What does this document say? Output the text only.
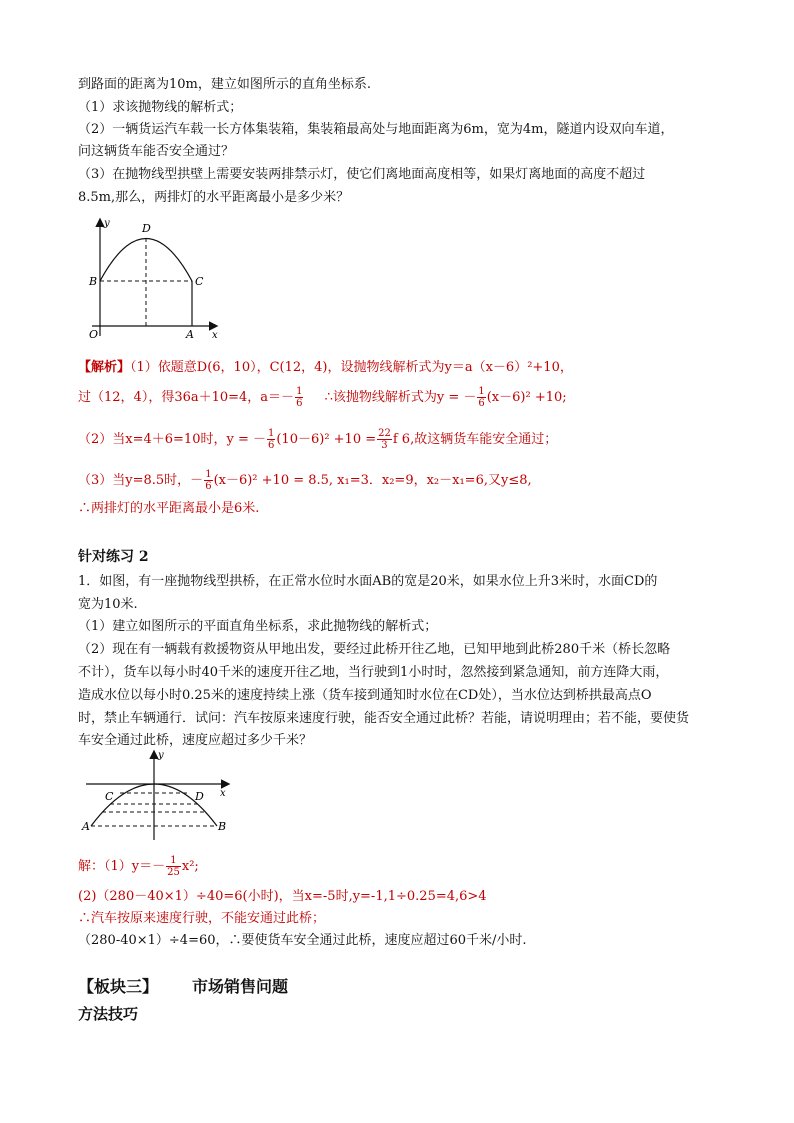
到路面的距离为10m，建立如图所示的直角坐标系.
（1）求该抛物线的解析式；
（2）一辆货运汽车载一长方体集装箱，集装箱最高处与地面距离为6m，宽为4m，隧道内设双向车道，
问这辆货车能否安全通过？
（3）在抛物线型拱壁上需要安装两排禁示灯，使它们离地面高度相等，如果灯离地面的高度不超过
8.5m,那么，两排灯的水平距离最小是多少米？
y	D
B	C
O	A x
【解析】（1）依题意D(6，10），C(12，4)，设抛物线解析式为y＝a（x－6）²+10，
过（12，4），得36a＋10=4，$a=- \frac{1}{6}$ ∴该抛物线解析式为y = － $\frac{1}{6} (x-6)^2 +10$;
（2）当x=4＋6=10时，y = － $\frac{1}{6} (10-6)^2 +10 = \frac{22}{3}$ f 6,故这辆货车能安全通过；
（3）当y=8.5时，－ $\frac{1}{6} (x-6)^2 +10 = 8.5$, x₁=3．x₂=9，x₂－x₁=6,又y≤8,
∴两排灯的水平距离最小是6米.
针对练习 2
1．如图，有一座抛物线型拱桥，在正常水位时水面AB的宽是20米，如果水位上升3米时，水面CD的
宽为10米.
（1）建立如图所示的平面直角坐标系，求此抛物线的解析式；
（2）现在有一辆载有救援物资从甲地出发，要经过此桥开往乙地，已知甲地到此桥280千米（桥长忽略
不计），货车以每小时40千米的速度开往乙地，当行驶到1小时时，忽然接到紧急通知，前方连降大雨，
造成水位以每小时0.25米的速度持续上涨（货车接到通知时水位在CD处），当水位达到桥拱最高点O
时，禁止车辆通行．试问：汽车按原来速度行驶，能否安全通过此桥？若能，请说明理由；若不能，要使货
车安全通过此桥，速度应超过多少千米？
y
x
C	D
A	B
解：$(1)y=- \frac{1}{25} x^2$;
(2)（280－40×1）÷40=6(小时)，当x=-5时,y=-1,1÷0.25=4,6>4
∴汽车按原来速度行驶，不能安通过此桥；
（280-40×1）÷4=60，∴要使货车安全通过此桥，速度应超过60千米/小时.
【板块三】 市场销售问题
方法技巧
